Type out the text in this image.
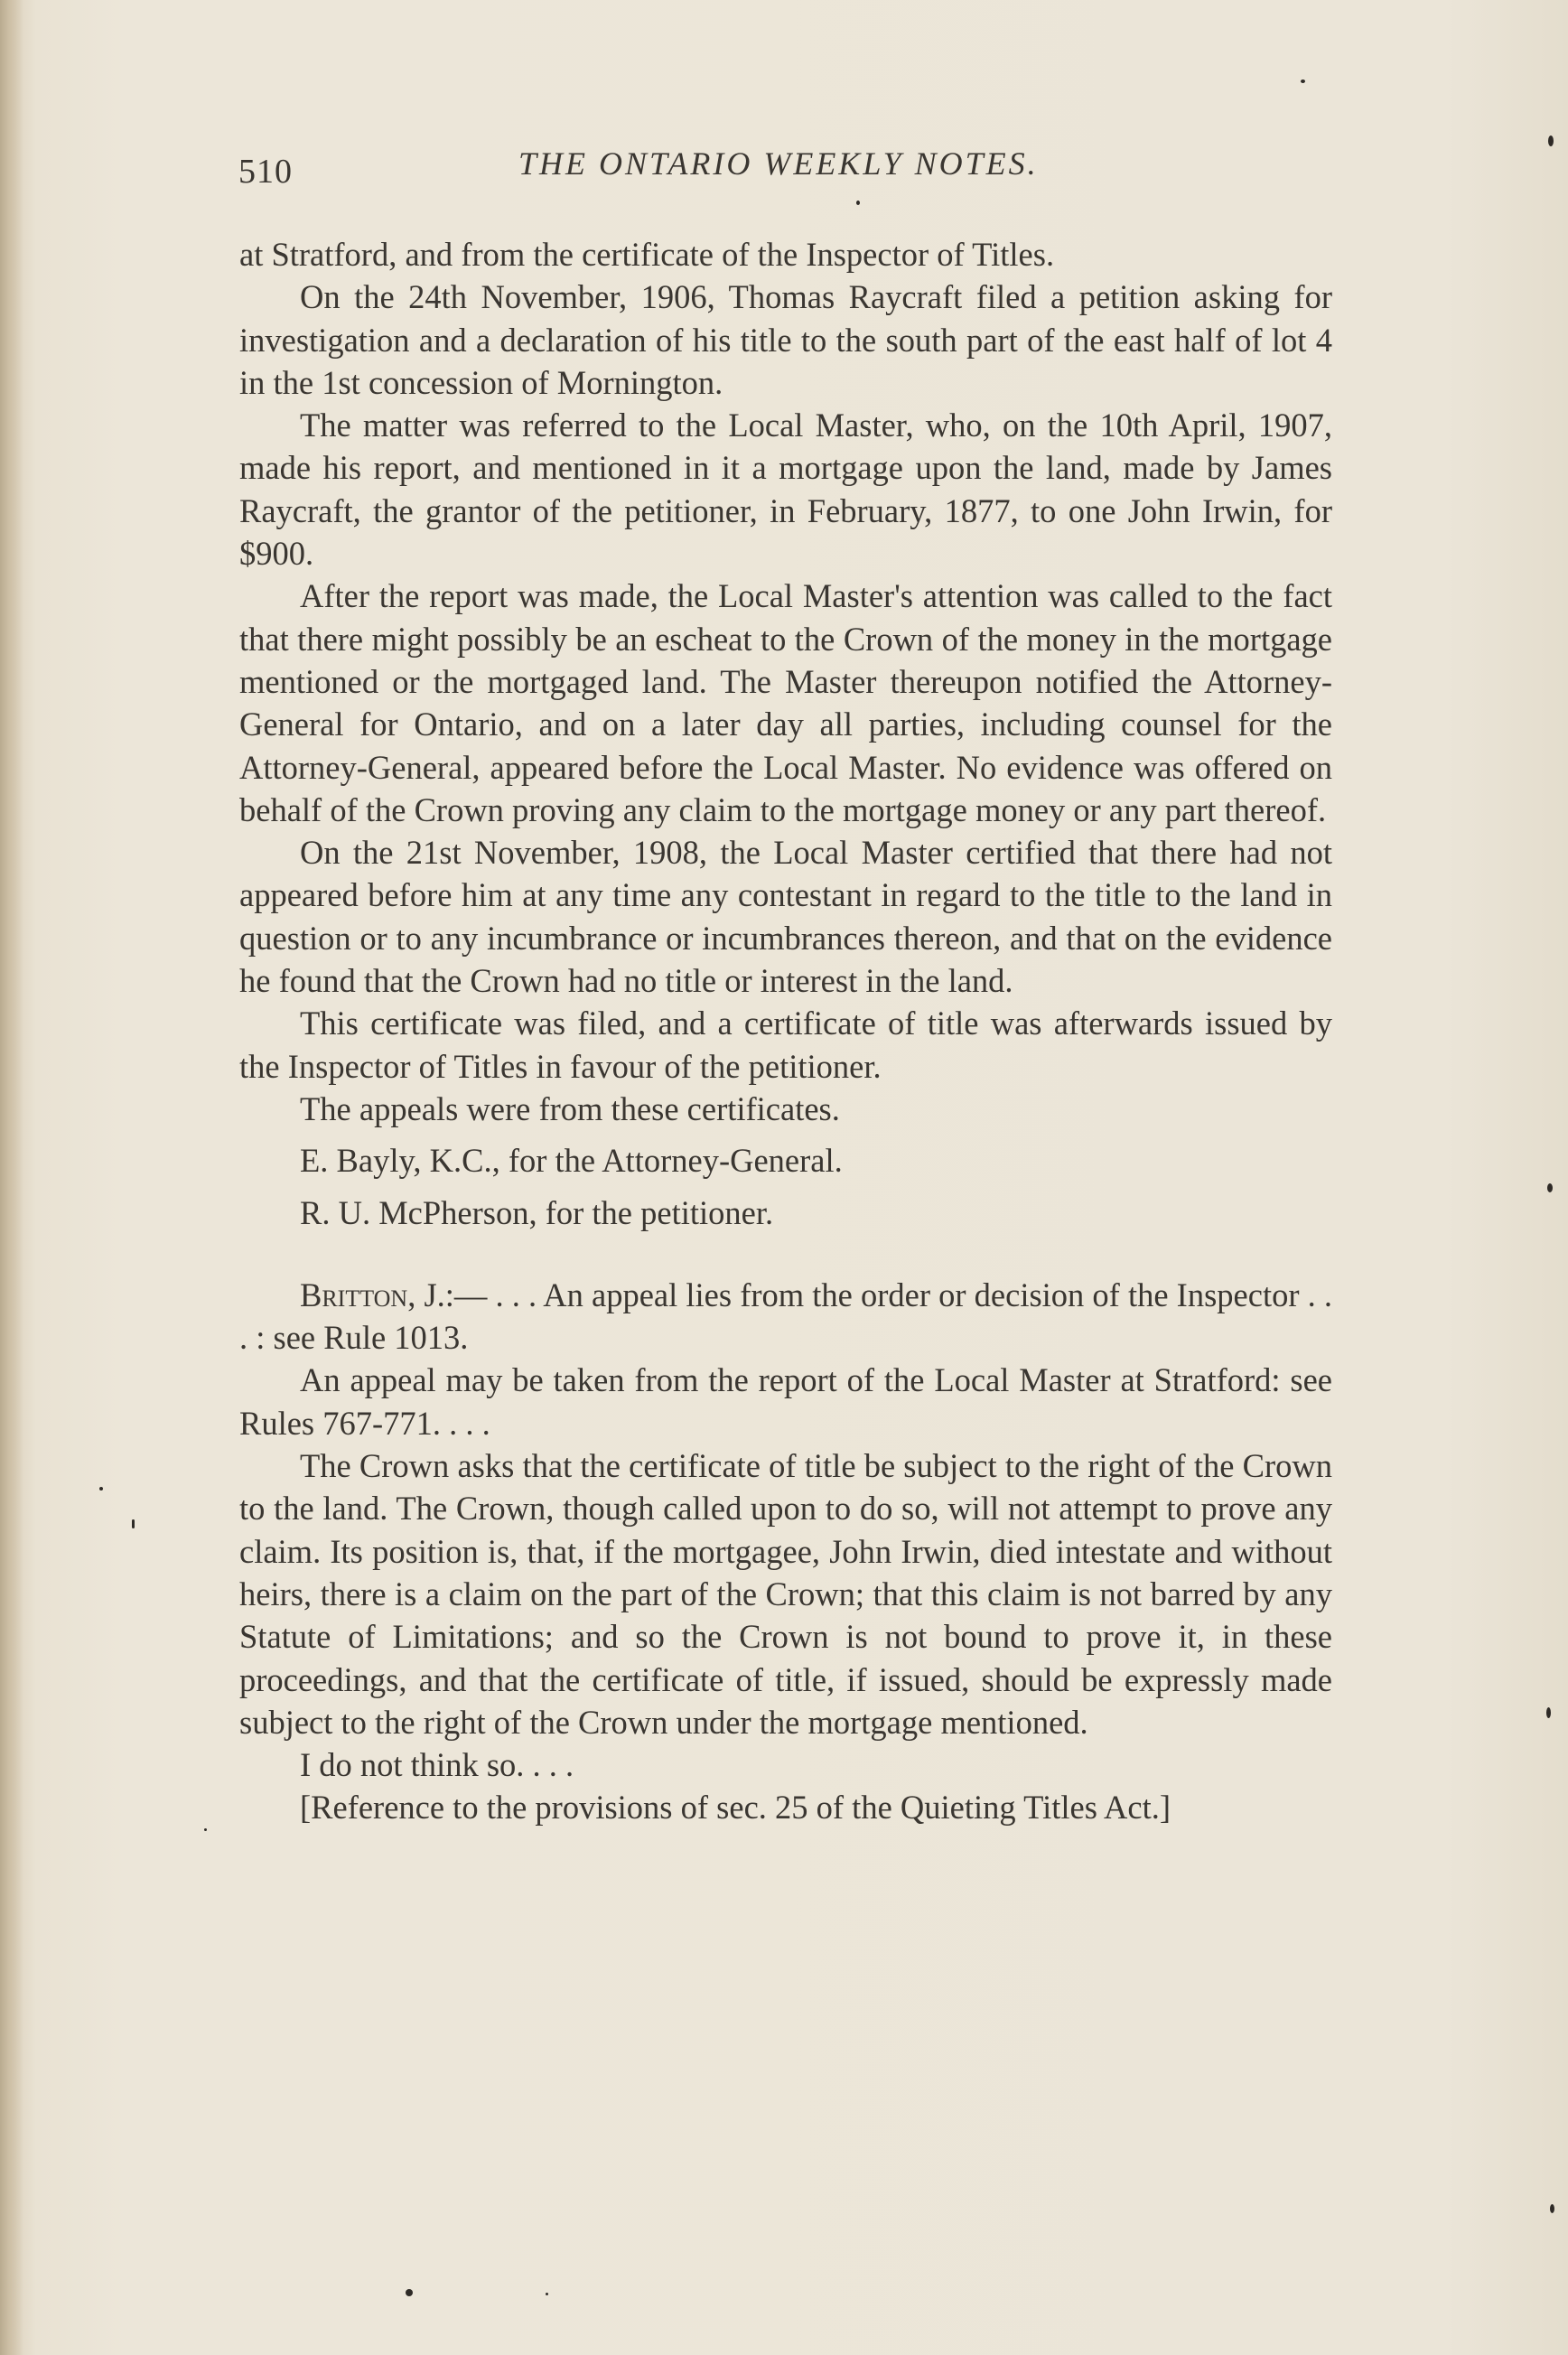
510	THE ONTARIO WEEKLY NOTES.

at Stratford, and from the certificate of the Inspector of Titles.

On the 24th November, 1906, Thomas Raycraft filed a petition asking for investigation and a declaration of his title to the south part of the east half of lot 4 in the 1st concession of Mornington.

The matter was referred to the Local Master, who, on the 10th April, 1907, made his report, and mentioned in it a mortgage upon the land, made by James Raycraft, the grantor of the petitioner, in February, 1877, to one John Irwin, for $900.

After the report was made, the Local Master's attention was called to the fact that there might possibly be an escheat to the Crown of the money in the mortgage mentioned or the mortgaged land. The Master thereupon notified the Attorney-General for Ontario, and on a later day all parties, including counsel for the Attorney-General, appeared before the Local Master. No evidence was offered on behalf of the Crown proving any claim to the mortgage money or any part thereof.

On the 21st November, 1908, the Local Master certified that there had not appeared before him at any time any contestant in regard to the title to the land in question or to any incumbrance or incumbrances thereon, and that on the evidence he found that the Crown had no title or interest in the land.

This certificate was filed, and a certificate of title was afterwards issued by the Inspector of Titles in favour of the petitioner.

The appeals were from these certificates.

E. Bayly, K.C., for the Attorney-General.

R. U. McPherson, for the petitioner.

Britton, J.:— . . . An appeal lies from the order or decision of the Inspector . . . : see Rule 1013.

An appeal may be taken from the report of the Local Master at Stratford: see Rules 767-771. . . .

The Crown asks that the certificate of title be subject to the right of the Crown to the land. The Crown, though called upon to do so, will not attempt to prove any claim. Its position is, that, if the mortgagee, John Irwin, died intestate and without heirs, there is a claim on the part of the Crown; that this claim is not barred by any Statute of Limitations; and so the Crown is not bound to prove it, in these proceedings, and that the certificate of title, if issued, should be expressly made subject to the right of the Crown under the mortgage mentioned.

I do not think so. . . .

[Reference to the provisions of sec. 25 of the Quieting Titles Act.]
